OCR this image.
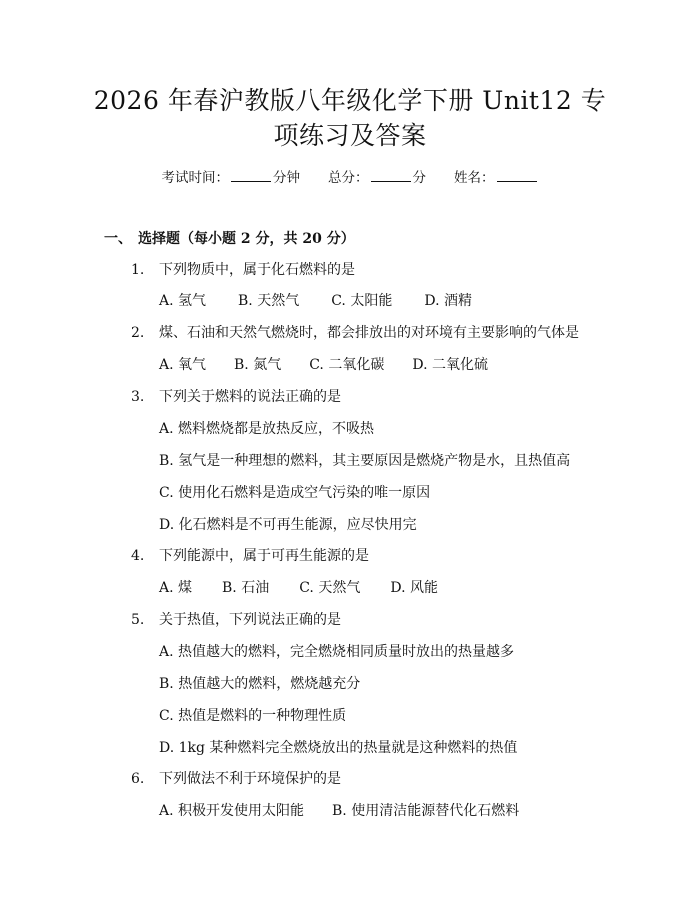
2026 年春沪教版八年级化学下册 Unit12 专
项练习及答案
考试时间：	分钟 总分：	分 姓名：
一、 选择题（每小题 2 分，共 20 分）
1. 下列物质中，属于化石燃料的是
A. 氢气 B. 天然气 C. 太阳能 D. 酒精
2. 煤、石油和天然气燃烧时，都会排放出的对环境有主要影响的气体是
A. 氧气 B. 氮气 C. 二氧化碳 D. 二氧化硫
3. 下列关于燃料的说法正确的是
A. 燃料燃烧都是放热反应，不吸热
B. 氢气是一种理想的燃料，其主要原因是燃烧产物是水，且热值高
C. 使用化石燃料是造成空气污染的唯一原因
D. 化石燃料是不可再生能源，应尽快用完
4. 下列能源中，属于可再生能源的是
A. 煤 B. 石油 C. 天然气 D. 风能
5. 关于热值，下列说法正确的是
A. 热值越大的燃料，完全燃烧相同质量时放出的热量越多
B. 热值越大的燃料，燃烧越充分
C. 热值是燃料的一种物理性质
D. 1kg 某种燃料完全燃烧放出的热量就是这种燃料的热值
6. 下列做法不利于环境保护的是
A. 积极开发使用太阳能 B. 使用清洁能源替代化石燃料
